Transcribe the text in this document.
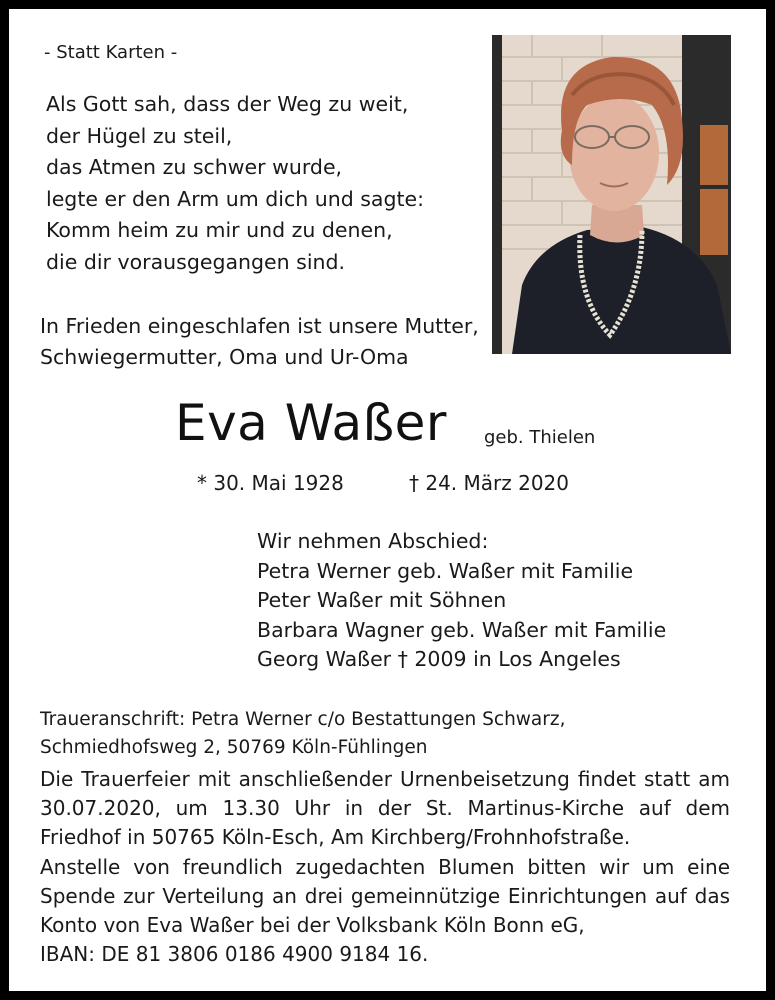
- Statt Karten -
Als Gott sah, dass der Weg zu weit,
der Hügel zu steil,
das Atmen zu schwer wurde,
legte er den Arm um dich und sagte:
Komm heim zu mir und zu denen,
die dir vorausgegangen sind.
In Frieden eingeschlafen ist unsere Mutter,
Schwiegermutter, Oma und Ur-Oma
Eva Waßer geb. Thielen
* 30. Mai 1928	† 24. März 2020
Wir nehmen Abschied:
Petra Werner geb. Waßer mit Familie
Peter Waßer mit Söhnen
Barbara Wagner geb. Waßer mit Familie
Georg Waßer † 2009 in Los Angeles
Traueranschrift: Petra Werner c/o Bestattungen Schwarz,
Schmiedhofsweg 2, 50769 Köln-Fühlingen
Die Trauerfeier mit anschließender Urnenbeisetzung findet statt am
30.07.2020, um 13.30 Uhr in der St. Martinus-Kirche auf dem
Friedhof in 50765 Köln-Esch, Am Kirchberg/Frohnhofstraße.
Anstelle von freundlich zugedachten Blumen bitten wir um eine
Spende zur Verteilung an drei gemeinnützige Einrichtungen auf das
Konto von Eva Waßer bei der Volksbank Köln Bonn eG,
IBAN: DE 81 3806 0186 4900 9184 16.
